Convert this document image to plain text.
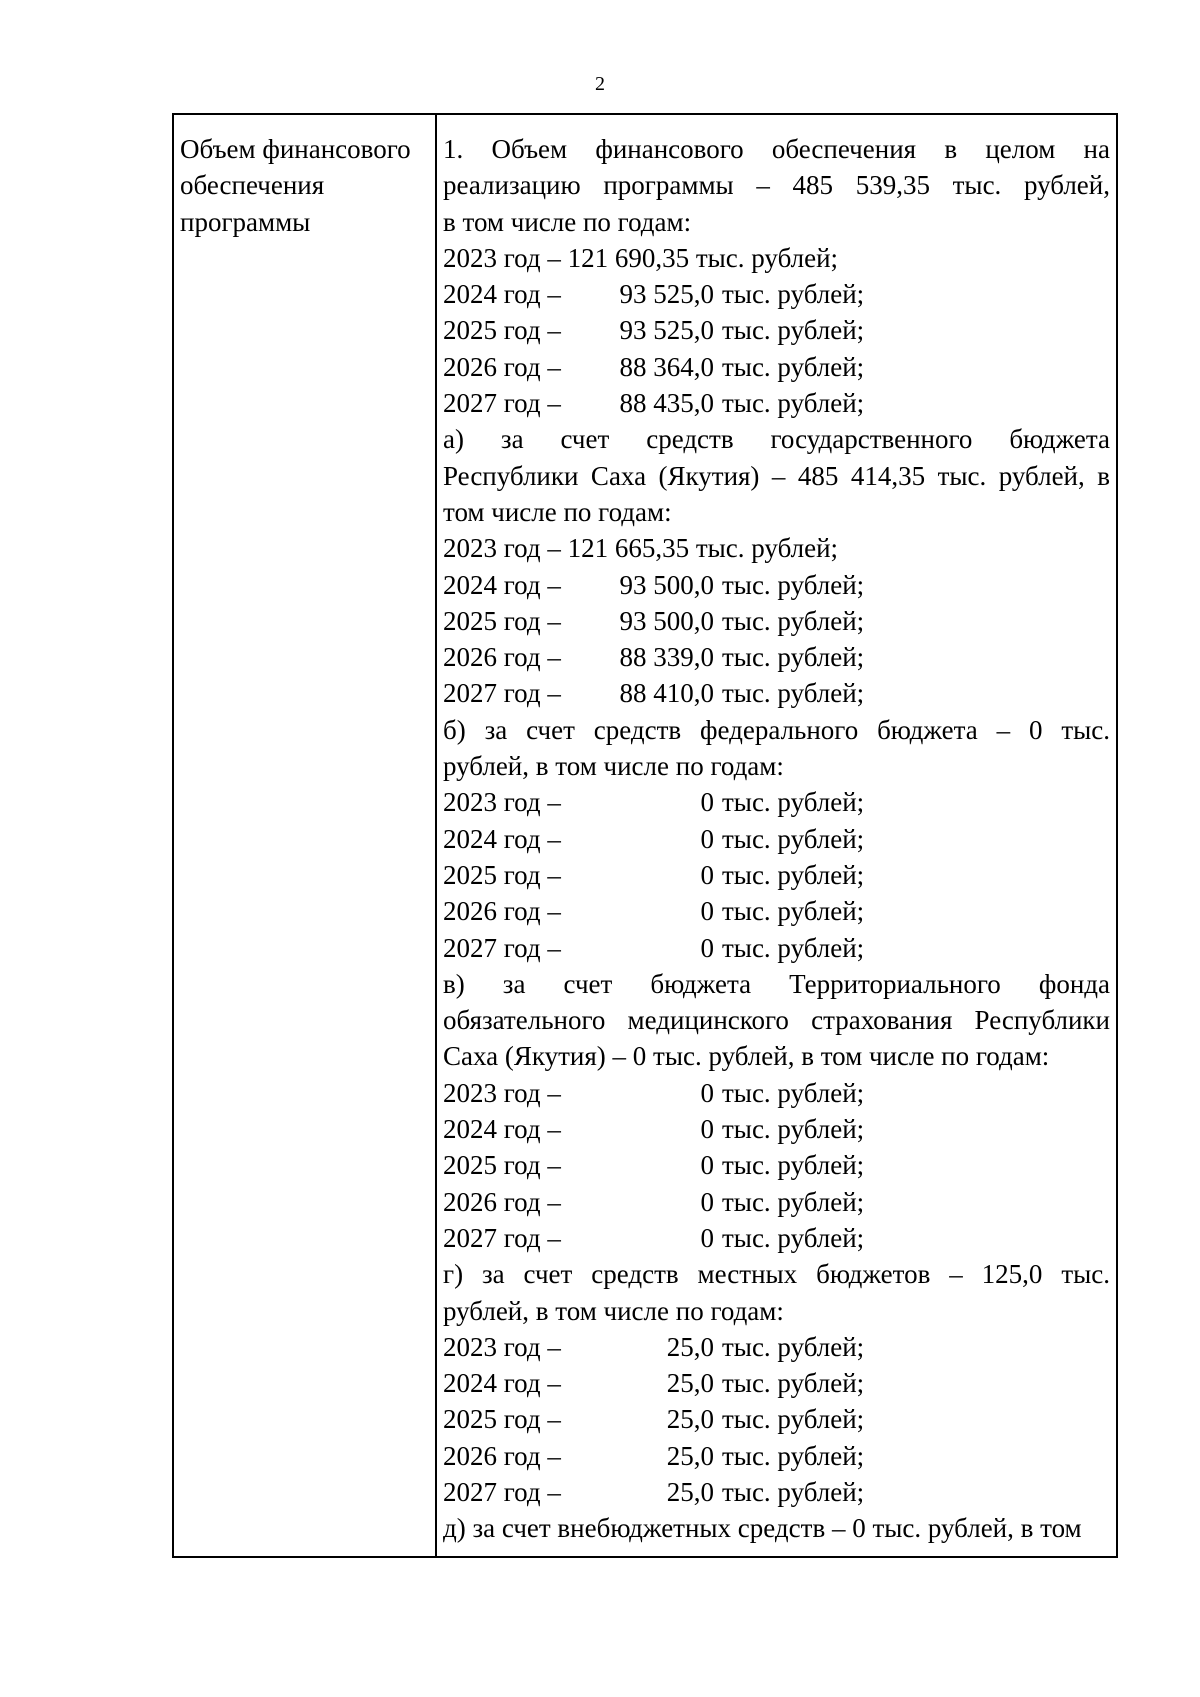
2
Объем финансового
обеспечения
программы
1. Объем финансового обеспечения в целом на
реализацию программы – 485 539,35 тыс. рублей,
в том числе по годам:
2023 год – 121 690,35 тыс. рублей;
2024 год –	93 525,0 тыс. рублей;
2025 год –	93 525,0 тыс. рублей;
2026 год –	88 364,0 тыс. рублей;
2027 год –	88 435,0 тыс. рублей;
а) за счет средств государственного бюджета
Республики Саха (Якутия) – 485 414,35 тыс. рублей, в
том числе по годам:
2023 год – 121 665,35 тыс. рублей;
2024 год –	93 500,0 тыс. рублей;
2025 год –	93 500,0 тыс. рублей;
2026 год –	88 339,0 тыс. рублей;
2027 год –	88 410,0 тыс. рублей;
б) за счет средств федерального бюджета – 0 тыс.
рублей, в том числе по годам:
2023 год –	0 тыс. рублей;
2024 год –	0 тыс. рублей;
2025 год –	0 тыс. рублей;
2026 год –	0 тыс. рублей;
2027 год –	0 тыс. рублей;
в) за счет бюджета Территориального фонда
обязательного медицинского страхования Республики
Саха (Якутия) – 0 тыс. рублей, в том числе по годам:
2023 год –	0 тыс. рублей;
2024 год –	0 тыс. рублей;
2025 год –	0 тыс. рублей;
2026 год –	0 тыс. рублей;
2027 год –	0 тыс. рублей;
г) за счет средств местных бюджетов – 125,0 тыс.
рублей, в том числе по годам:
2023 год –	25,0 тыс. рублей;
2024 год –	25,0 тыс. рублей;
2025 год –	25,0 тыс. рублей;
2026 год –	25,0 тыс. рублей;
2027 год –	25,0 тыс. рублей;
д) за счет внебюджетных средств – 0 тыс. рублей, в том
